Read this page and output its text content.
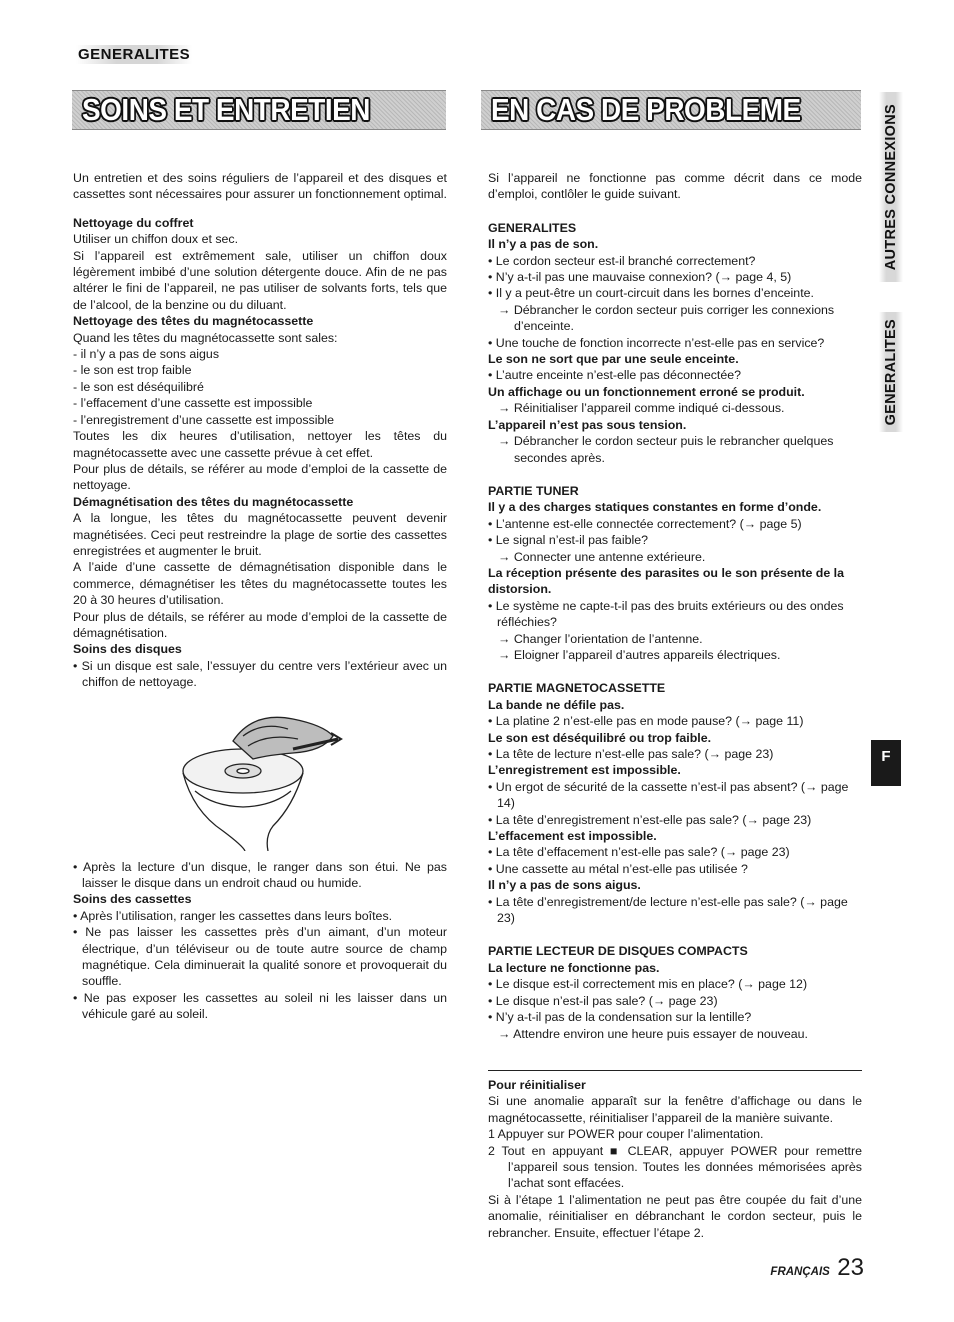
GENERALITES
SOINS ET ENTRETIEN	EN CAS DE PROBLEME	AUTRES CONNEXIONS
GENERALITES
F

Un entretien et des soins réguliers de l’appareil et des disques et cassettes sont nécessaires pour assurer un fonctionnement optimal.

Nettoyage du coffret

Utiliser un chiffon doux et sec.

Si l’appareil est extrêmement sale, utiliser un chiffon doux légèrement imbibé d’une solution détergente douce. Afin de ne pas altérer le fini de l’appareil, ne pas utiliser de solvants forts, tels que de l’alcool, de la benzine ou du diluant.

Nettoyage des têtes du magnétocassette

Quand les têtes du magnétocassette sont sales:

- il n’y a pas de sons aigus

- le son est trop faible

- le son est déséquilibré

- l’effacement d’une cassette est impossible

- l’enregistrement d’une cassette est impossible

Toutes les dix heures d’utilisation, nettoyer les têtes du magnétocassette avec une cassette prévue à cet effet.

Pour plus de détails, se référer au mode d’emploi de la cassette de nettoyage.

Démagnétisation des têtes du magnétocassette

A la longue, les têtes du magnétocassette peuvent devenir magnétisées. Ceci peut restreindre la plage de sortie des cassettes enregistrées et augmenter le bruit.

A l’aide d’une cassette de démagnétisation disponible dans le commerce, démagnétiser les têtes du magnétocassette toutes les 20 à 30 heures d’utilisation.

Pour plus de détails, se référer au mode d’emploi de la cassette de démagnétisation.

Soins des disques

• Si un disque est sale, l’essuyer du centre vers l’extérieur avec un chiffon de nettoyage.

• Après la lecture d’un disque, le ranger dans son étui. Ne pas laisser le disque dans un endroit chaud ou humide.

Soins des cassettes

• Après l’utilisation, ranger les cassettes dans leurs boîtes.

• Ne pas laisser les cassettes près d’un aimant, d’un moteur électrique, d’un téléviseur ou de toute autre source de champ magnétique. Cela diminuerait la qualité sonore et provoquerait du souffle.

• Ne pas exposer les cassettes au soleil ni les laisser dans un véhicule garé au soleil.

Si l’appareil ne fonctionne pas comme décrit dans ce mode d’emploi, contlôler le guide suivant.

GENERALITES

Il n’y a pas de son.

• Le cordon secteur est-il branché correctement?

• N’y a-t-il pas une mauvaise connexion? (→ page 4, 5)

• Il y a peut-être un court-circuit dans les bornes d’enceinte.

→ Débrancher le cordon secteur puis corriger les connexions d’enceinte.

• Une touche de fonction incorrecte n’est-elle pas en service?

Le son ne sort que par une seule enceinte.

• L’autre enceinte n’est-elle pas déconnectée?

Un affichage ou un fonctionnement erroné se produit.

→ Réinitialiser l’appareil comme indiqué ci-dessous.

L’appareil n’est pas sous tension.

→ Débrancher le cordon secteur puis le rebrancher quelques secondes après.

PARTIE TUNER

Il y a des charges statiques constantes en forme d’onde.

• L’antenne est-elle connectée correctement? (→ page 5)

• Le signal n’est-il pas faible?

→ Connecter une antenne extérieure.

La réception présente des parasites ou le son présente de la distorsion.

• Le système ne capte-t-il pas des bruits extérieurs ou des ondes réfléchies?

→ Changer l’orientation de l’antenne.

→ Eloigner l’appareil d’autres appareils électriques.

PARTIE MAGNETOCASSETTE

La bande ne défile pas.

• La platine 2 n’est-elle pas en mode pause? (→ page 11)

Le son est déséquilibré ou trop faible.

• La tête de lecture n’est-elle pas sale? (→ page 23)

L’enregistrement est impossible.

• Un ergot de sécurité de la cassette n’est-il pas absent? (→ page 14)

• La tête d’enregistrement n’est-elle pas sale? (→ page 23)

L’effacement est impossible.

• La tête d’effacement n’est-elle pas sale? (→ page 23)

• Une cassette au métal n’est-elle pas utilisée ?

Il n’y a pas de sons aigus.

• La tête d’enregistrement/de lecture n’est-elle pas sale? (→ page 23)

PARTIE LECTEUR DE DISQUES COMPACTS

La lecture ne fonctionne pas.

• Le disque est-il correctement mis en place? (→ page 12)

• Le disque n’est-il pas sale? (→ page 23)

• N’y a-t-il pas de la condensation sur la lentille?

→ Attendre environ une heure puis essayer de nouveau.

Pour réinitialiser

Si une anomalie apparaît sur la fenêtre d’affichage ou dans le magnétocassette, réinitialiser l’appareil de la manière suivante.

1 Appuyer sur POWER pour couper l’alimentation.

2 Tout en appuyant ■ CLEAR, appuyer POWER pour remettre l’appareil sous tension. Toutes les données mémorisées après l’achat sont effacées.

Si à l’étape 1 l’alimentation ne peut pas être coupée du fait d’une anomalie, réinitialiser en débranchant le cordon secteur, puis le rebrancher. Ensuite, effectuer l’étape 2.

FRANÇAIS 23
